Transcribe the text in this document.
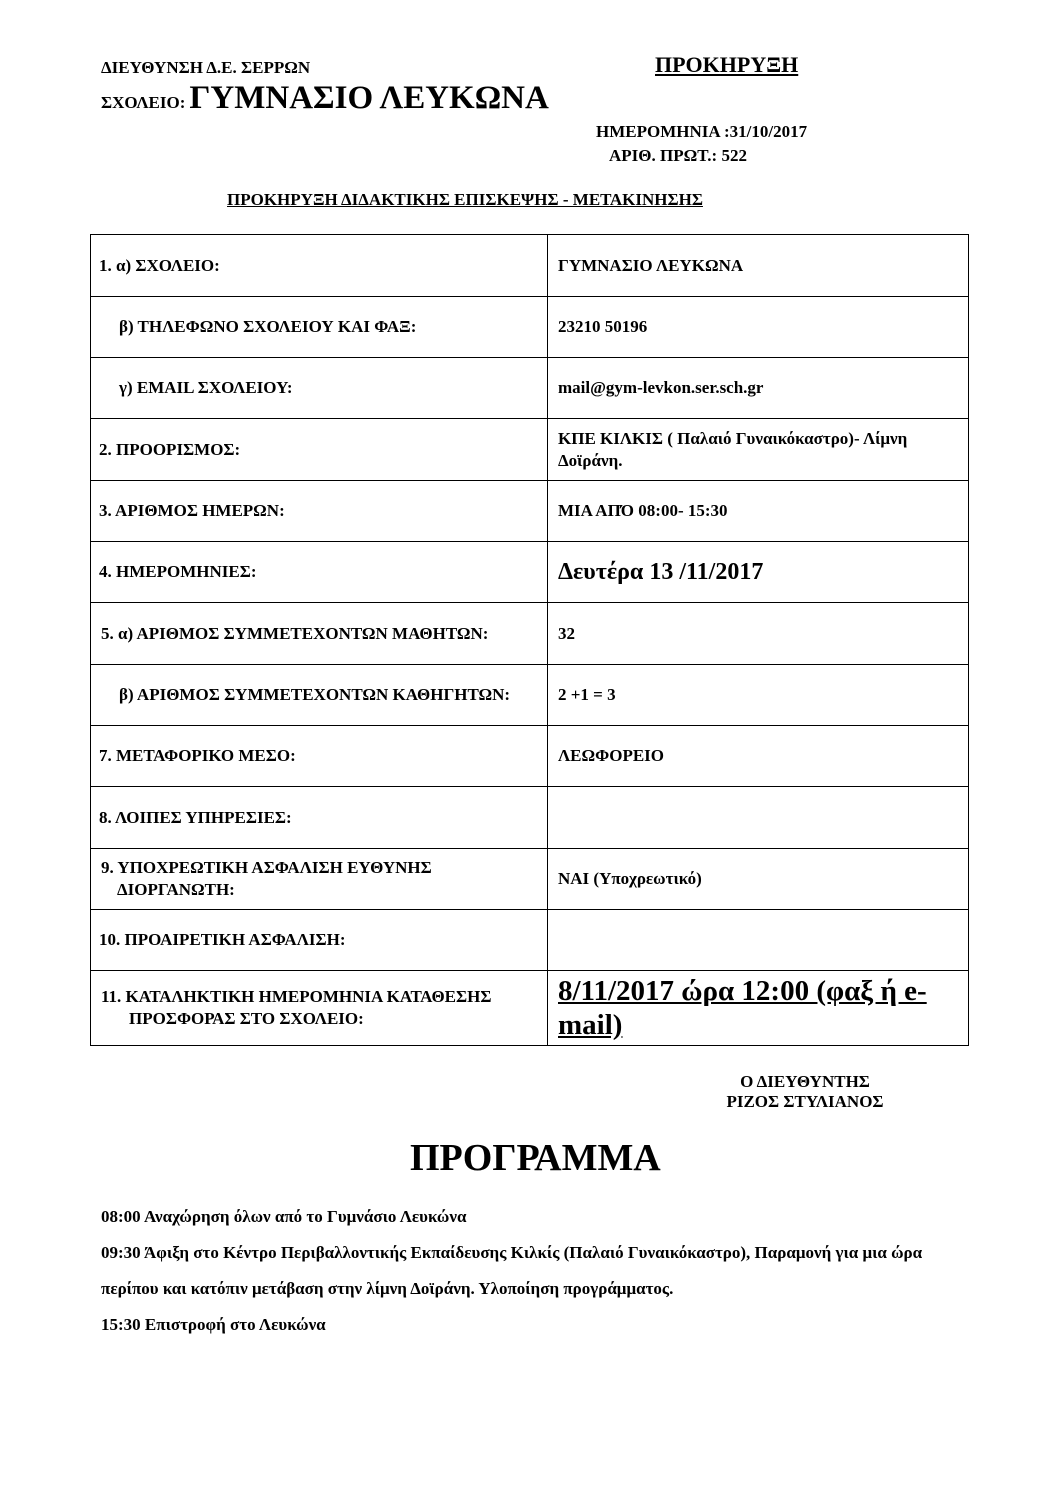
ΔΙΕΥΘΥΝΣΗ Δ.Ε. ΣΕΡΡΩΝ	ΠΡΟΚΗΡΥΞΗ
ΣΧΟΛΕΙΟ: ΓΥΜΝΑΣΙΟ ΛΕΥΚΩΝΑ
ΗΜΕΡΟΜΗΝΙΑ :31/10/2017
ΑΡΙΘ. ΠΡΩΤ.: 522
ΠΡΟΚΗΡΥΞΗ ΔΙΔΑΚΤΙΚΗΣ ΕΠΙΣΚΕΨΗΣ - ΜΕΤΑΚΙΝΗΣΗΣ
1. α) ΣΧΟΛΕΙΟ:	ΓΥΜΝΑΣΙΟ ΛΕΥΚΩΝΑ
β) ΤΗΛΕΦΩΝΟ ΣΧΟΛΕΙΟΥ ΚΑΙ ΦΑΞ:	23210 50196
γ) EMAIL ΣΧΟΛΕΙΟΥ:	mail@gym-levkon.ser.sch.gr
2. ΠΡΟΟΡΙΣΜΟΣ:	ΚΠΕ ΚΙΛΚΙΣ ( Παλαιό Γυναικόκαστρο)- Λίμνη Δοϊράνη.
3. ΑΡΙΘΜΟΣ ΗΜΕΡΩΝ:	ΜΙΑ ΑΠΌ 08:00- 15:30
4. ΗΜΕΡΟΜΗΝΙΕΣ:	Δευτέρα 13 /11/2017
5. α) ΑΡΙΘΜΟΣ ΣΥΜΜΕΤΕΧΟΝΤΩΝ ΜΑΘΗΤΩΝ:	32
β) ΑΡΙΘΜΟΣ ΣΥΜΜΕΤΕΧΟΝΤΩΝ ΚΑΘΗΓΗΤΩΝ:	2 +1 = 3
7. ΜΕΤΑΦΟΡΙΚΟ ΜΕΣΟ:	ΛΕΩΦΟΡΕΙΟ
8. ΛΟΙΠΕΣ ΥΠΗΡΕΣΙΕΣ:	
9. ΥΠΟΧΡΕΩΤΙΚΗ ΑΣΦΑΛΙΣΗ ΕΥΘΥΝΗΣ ΔΙΟΡΓΑΝΩΤΗ:	ΝΑΙ (Υποχρεωτικό)
10. ΠΡΟΑΙΡΕΤΙΚΗ ΑΣΦΑΛΙΣΗ:	
11. ΚΑΤΑΛΗΚΤΙΚΗ ΗΜΕΡΟΜΗΝΙΑ ΚΑΤΑΘΕΣΗΣ ΠΡΟΣΦΟΡΑΣ ΣΤΟ ΣΧΟΛΕΙΟ:	8/11/2017 ώρα 12:00 (φαξ ή e-mail)
Ο ΔΙΕΥΘΥΝΤΗΣ
ΡΙΖΟΣ ΣΤΥΛΙΑΝΟΣ
ΠΡΟΓΡΑΜΜΑ
08:00 Αναχώρηση όλων από το Γυμνάσιο Λευκώνα
09:30 Άφιξη στο Κέντρο Περιβαλλοντικής Εκπαίδευσης Κιλκίς (Παλαιό Γυναικόκαστρο), Παραμονή για μια ώρα περίπου και κατόπιν μετάβαση στην λίμνη Δοϊράνη. Υλοποίηση προγράμματος.
15:30 Επιστροφή στο Λευκώνα
